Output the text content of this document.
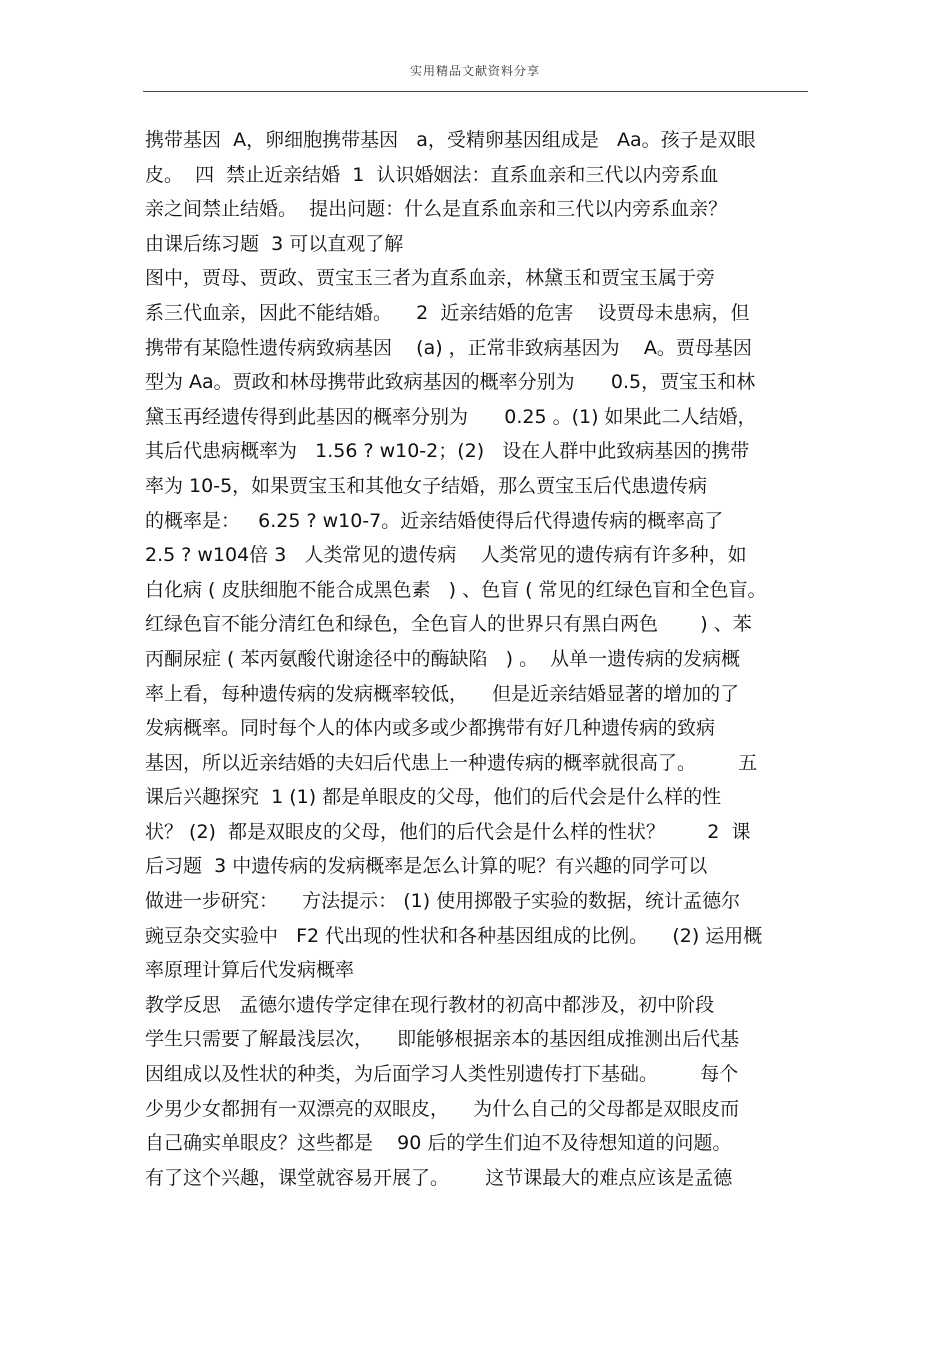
实用精品文献资料分享
携带基因  A，卵细胞携带基因   a，受精卵基因组成是   Aa。孩子是双眼
皮。  四  禁止近亲结婚  1  认识婚姻法：直系血亲和三代以内旁系血
亲之间禁止结婚。  提出问题：什么是直系血亲和三代以内旁系血亲？
由课后练习题  3 可以直观了解
图中，贾母、贾政、贾宝玉三者为直系血亲，林黛玉和贾宝玉属于旁
系三代血亲，因此不能结婚。    2  近亲结婚的危害    设贾母未患病，但
携带有某隐性遗传病致病基因    (a) ，正常非致病基因为    A。贾母基因
型为 Aa。贾政和林母携带此致病基因的概率分别为      0.5，贾宝玉和林
黛玉再经遗传得到此基因的概率分别为      0.25 。(1) 如果此二人结婚，
其后代患病概率为   1.56 ? w10-2；(2)   设在人群中此致病基因的携带
率为 10-5，如果贾宝玉和其他女子结婚，那么贾宝玉后代患遗传病
的概率是：   6.25 ? w10-7。近亲结婚使得后代得遗传病的概率高了
2.5 ? w104倍 3   人类常见的遗传病    人类常见的遗传病有许多种，如
白化病 ( 皮肤细胞不能合成黑色素   ) 、色盲 ( 常见的红绿色盲和全色盲。
红绿色盲不能分清红色和绿色，全色盲人的世界只有黑白两色       ) 、苯
丙酮尿症 ( 苯丙氨酸代谢途径中的酶缺陷   ) 。  从单一遗传病的发病概
率上看，每种遗传病的发病概率较低，    但是近亲结婚显著的增加的了
发病概率。同时每个人的体内或多或少都携带有好几种遗传病的致病
基因，所以近亲结婚的夫妇后代患上一种遗传病的概率就很高了。       五
课后兴趣探究  1 (1) 都是单眼皮的父母，他们的后代会是什么样的性
状？ (2)  都是双眼皮的父母，他们的后代会是什么样的性状？       2  课
后习题  3 中遗传病的发病概率是怎么计算的呢？有兴趣的同学可以
做进一步研究：    方法提示： (1) 使用掷骰子实验的数据，统计孟德尔
豌豆杂交实验中   F2 代出现的性状和各种基因组成的比例。    (2) 运用概
率原理计算后代发病概率
教学反思   孟德尔遗传学定律在现行教材的初高中都涉及，初中阶段
学生只需要了解最浅层次，    即能够根据亲本的基因组成推测出后代基
因组成以及性状的种类，为后面学习人类性别遗传打下基础。       每个
少男少女都拥有一双漂亮的双眼皮，    为什么自己的父母都是双眼皮而
自己确实单眼皮？这些都是    90 后的学生们迫不及待想知道的问题。
有了这个兴趣，课堂就容易开展了。      这节课最大的难点应该是孟德
